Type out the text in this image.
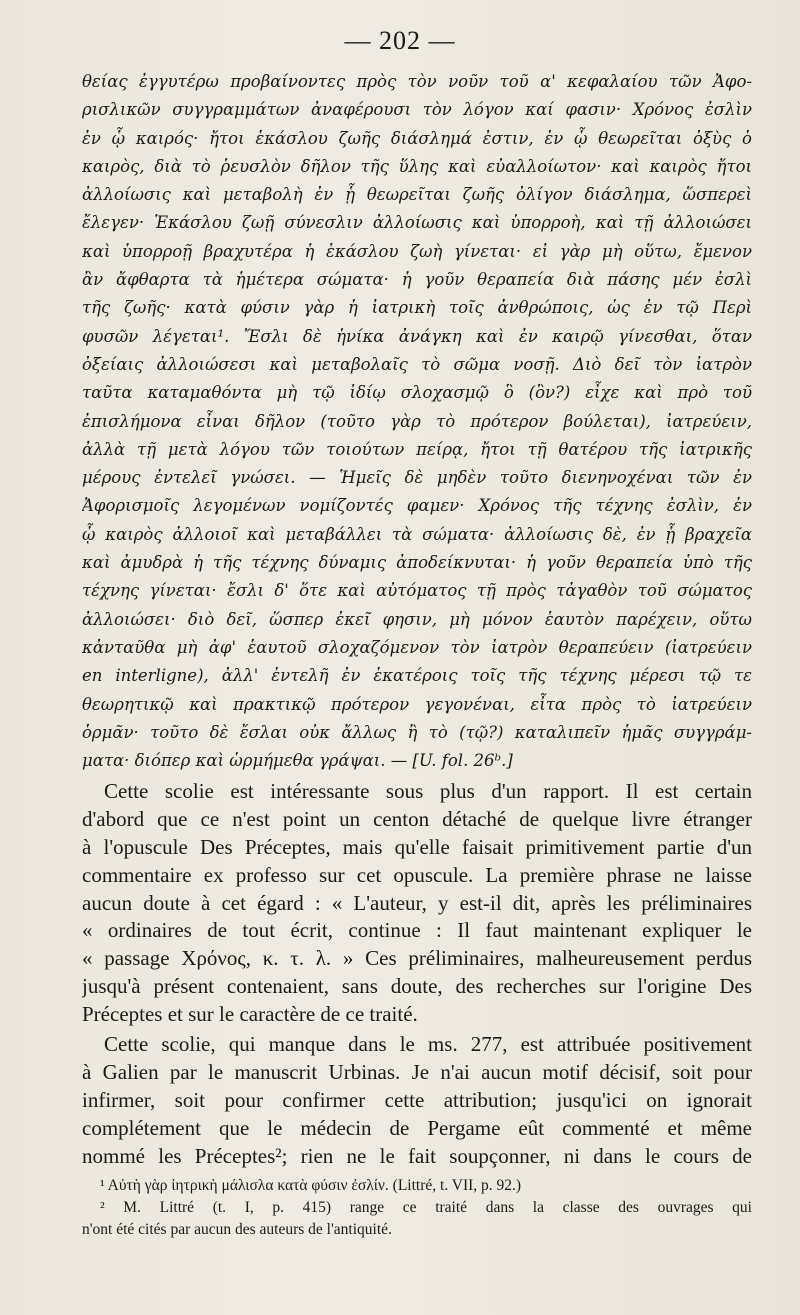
— 202 —
θείας ἐγγυτέρω προβαίνοντες πρὸς τὸν νοῦν τοῦ α' κεφαλαίου τῶν Ἀφο-
ρισλικῶν συγγραμμάτων ἀναφέρουσι τὸν λόγον καί φασιν· Χρόνος ἐσλὶν
ἐν ᾧ καιρός· ἤτοι ἑκάσλου ζωῆς διάσλημά ἐστιν, ἐν ᾧ θεωρεῖται ὀξὺς ὁ
καιρὸς, διὰ τὸ ῥευσλὸν δῆλον τῆς ὕλης καὶ εὐαλλοίωτον· καὶ καιρὸς ἤτοι
ἀλλοίωσις καὶ μεταβολὴ ἐν ᾗ θεωρεῖται ζωῆς ὀλίγον διάσλημα, ὥσπερεὶ
ἔλεγεν· Ἑκάσλου ζωῇ σύνεσλιν ἀλλοίωσις καὶ ὑπορροὴ, καὶ τῇ ἀλλοιώσει
καὶ ὑπορροῇ βραχυτέρα ἡ ἑκάσλου ζωὴ γίνεται· εἰ γὰρ μὴ οὕτω, ἔμενον
ἂν ἄφθαρτα τὰ ἡμέτερα σώματα· ἡ γοῦν θεραπεία διὰ πάσης μέν ἐσλὶ
τῆς ζωῆς· κατὰ φύσιν γὰρ ἡ ἰατρικὴ τοῖς ἀνθρώποις, ὡς ἐν τῷ Περὶ
φυσῶν λέγεται¹. Ἔσλι δὲ ἡνίκα ἀνάγκη καὶ ἐν καιρῷ γίνεσθαι, ὅταν
ὀξείαις ἀλλοιώσεσι καὶ μεταβολαῖς τὸ σῶμα νοσῇ. Διὸ δεῖ τὸν ἰατρὸν
ταῦτα καταμαθόντα μὴ τῷ ἰδίῳ σλοχασμῷ ὃ (ὂν?) εἶχε καὶ πρὸ τοῦ
ἐπισλήμονα εἶναι δῆλον (τοῦτο γὰρ τὸ πρότερον βούλεται), ἰατρεύειν,
ἀλλὰ τῇ μετὰ λόγου τῶν τοιούτων πείρᾳ, ἤτοι τῇ θατέρου τῆς ἰατρικῆς
μέρους ἐντελεῖ γνώσει. — Ἡμεῖς δὲ μηδὲν τοῦτο διενηνοχέναι τῶν ἐν
Ἀφορισμοῖς λεγομένων νομίζοντές φαμεν· Χρόνος τῆς τέχνης ἐσλὶν, ἐν
ᾧ καιρὸς ἀλλοιοῖ καὶ μεταβάλλει τὰ σώματα· ἀλλοίωσις δὲ, ἐν ᾗ βραχεῖα
καὶ ἀμυδρὰ ἡ τῆς τέχνης δύναμις ἀποδείκνυται· ἡ γοῦν θεραπεία ὑπὸ τῆς
τέχνης γίνεται· ἔσλι δ' ὅτε καὶ αὐτόματος τῇ πρὸς τἀγαθὸν τοῦ σώματος
ἀλλοιώσει· διὸ δεῖ, ὥσπερ ἐκεῖ φησιν, μὴ μόνον ἑαυτὸν παρέχειν, οὕτω
κἀνταῦθα μὴ ἀφ' ἑαυτοῦ σλοχαζόμενον τὸν ἰατρὸν θεραπεύειν (ἰατρεύειν
en interligne), ἀλλ' ἐντελῆ ἐν ἑκατέροις τοῖς τῆς τέχνης μέρεσι τῷ τε
θεωρητικῷ καὶ πρακτικῷ πρότερον γεγονέναι, εἶτα πρὸς τὸ ἰατρεύειν
ὁρμᾶν· τοῦτο δὲ ἔσλαι οὐκ ἄλλως ἢ τὸ (τῷ?) καταλιπεῖν ἡμᾶς συγγράμ-
ματα· διόπερ καὶ ὡρμήμεθα γράψαι. — [U. fol. 26ᵇ.]
Cette scolie est intéressante sous plus d'un rapport. Il est certain
d'abord que ce n'est point un centon détaché de quelque livre étranger
à l'opuscule Des Préceptes, mais qu'elle faisait primitivement partie d'un
commentaire ex professo sur cet opuscule. La première phrase ne laisse
aucun doute à cet égard : « L'auteur, y est-il dit, après les préliminaires
« ordinaires de tout écrit, continue : Il faut maintenant expliquer le
« passage Χρόνος, κ. τ. λ. » Ces préliminaires, malheureusement perdus
jusqu'à présent contenaient, sans doute, des recherches sur l'origine Des
Préceptes et sur le caractère de ce traité.
Cette scolie, qui manque dans le ms. 277, est attribuée positivement
à Galien par le manuscrit Urbinas. Je n'ai aucun motif décisif, soit pour
infirmer, soit pour confirmer cette attribution; jusqu'ici on ignorait
complétement que le médecin de Pergame eût commenté et même
nommé les Préceptes²; rien ne le fait soupçonner, ni dans le cours de
¹ Αὐτὴ γὰρ ἰητρικὴ μάλισλα κατὰ φύσιν ἐσλίν. (Littré, t. VII, p. 92.)
² M. Littré (t. I, p. 415) range ce traité dans la classe des ouvrages qui
n'ont été cités par aucun des auteurs de l'antiquité.
